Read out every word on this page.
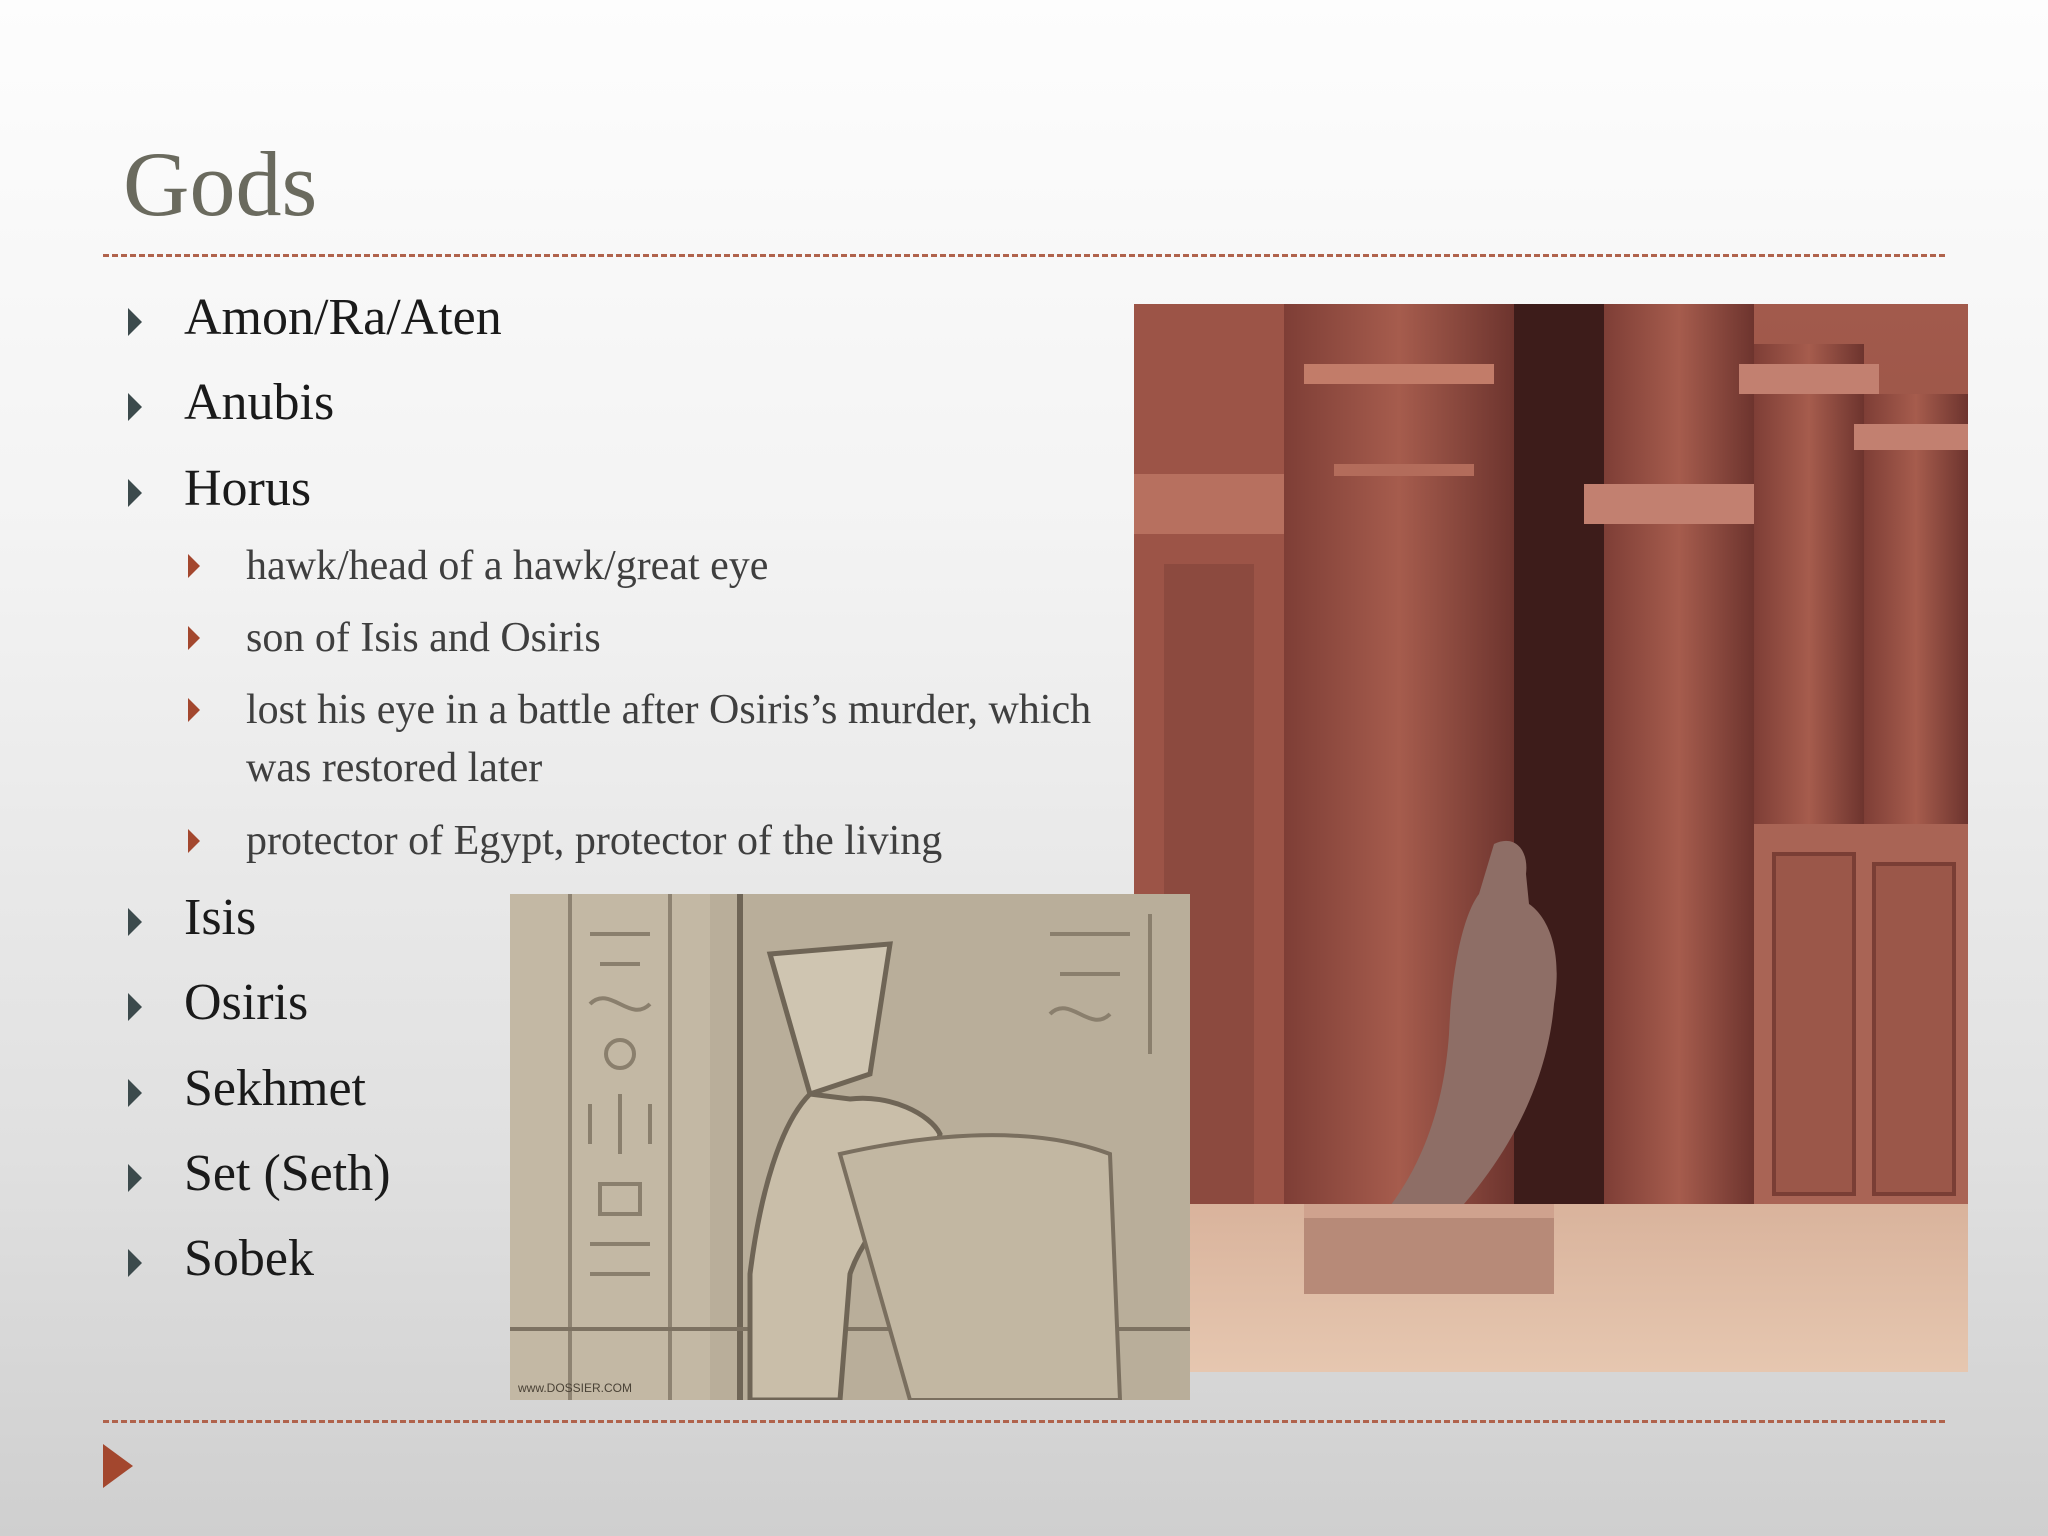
Gods
www.DOSSIER.COM
Amon/Ra/Aten
Anubis
Horus
hawk/head of a hawk/great eye
son of Isis and Osiris
lost his eye in a battle after Osiris’s murder, which was restored later
protector of Egypt, protector of the living
Isis
Osiris
Sekhmet
Set (Seth)
Sobek
